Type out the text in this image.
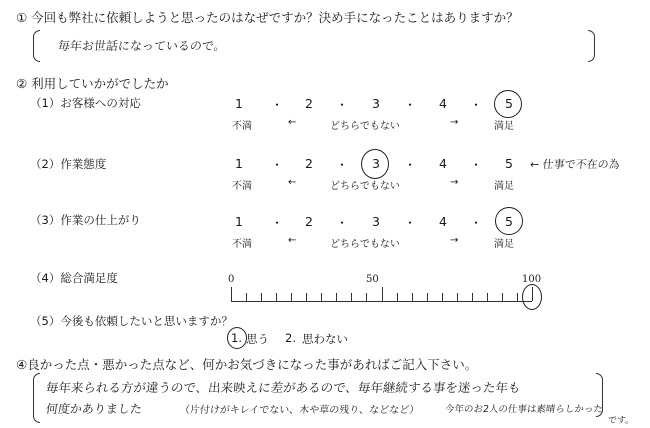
① 今回も弊社に依頼しようと思ったのはなぜですか？決め手になったことはありますか？
毎年お世話になっているので。
② 利用していかがでしたか
（1）お客様への対応	1 ・ 2 ・ 3 ・ 4 ・ 5
不満	←	どちらでもない	→	満足
（2）作業態度	1 ・ 2 ・ 3 ・ 4 ・ 5
不満	←	どちらでもない	→	満足
← 仕事で不在の為
（3）作業の仕上がり	1 ・ 2 ・ 3 ・ 4 ・ 5
不満	←	どちらでもない	→	満足
（4）総合満足度	0	50	100
（5）今後も依頼したいと思いますか？
1. 思う 2. 思わない
④良かった点・悪かった点など、何かお気づきになった事があればご記入下さい。
毎年来られる方が違うので、出来映えに差があるので、毎年継続する事を迷った年も
何度かありました	（片付けがキレイでない、木や草の残り、などなど）	今年のお2人の仕事は素晴らしかった
です。
